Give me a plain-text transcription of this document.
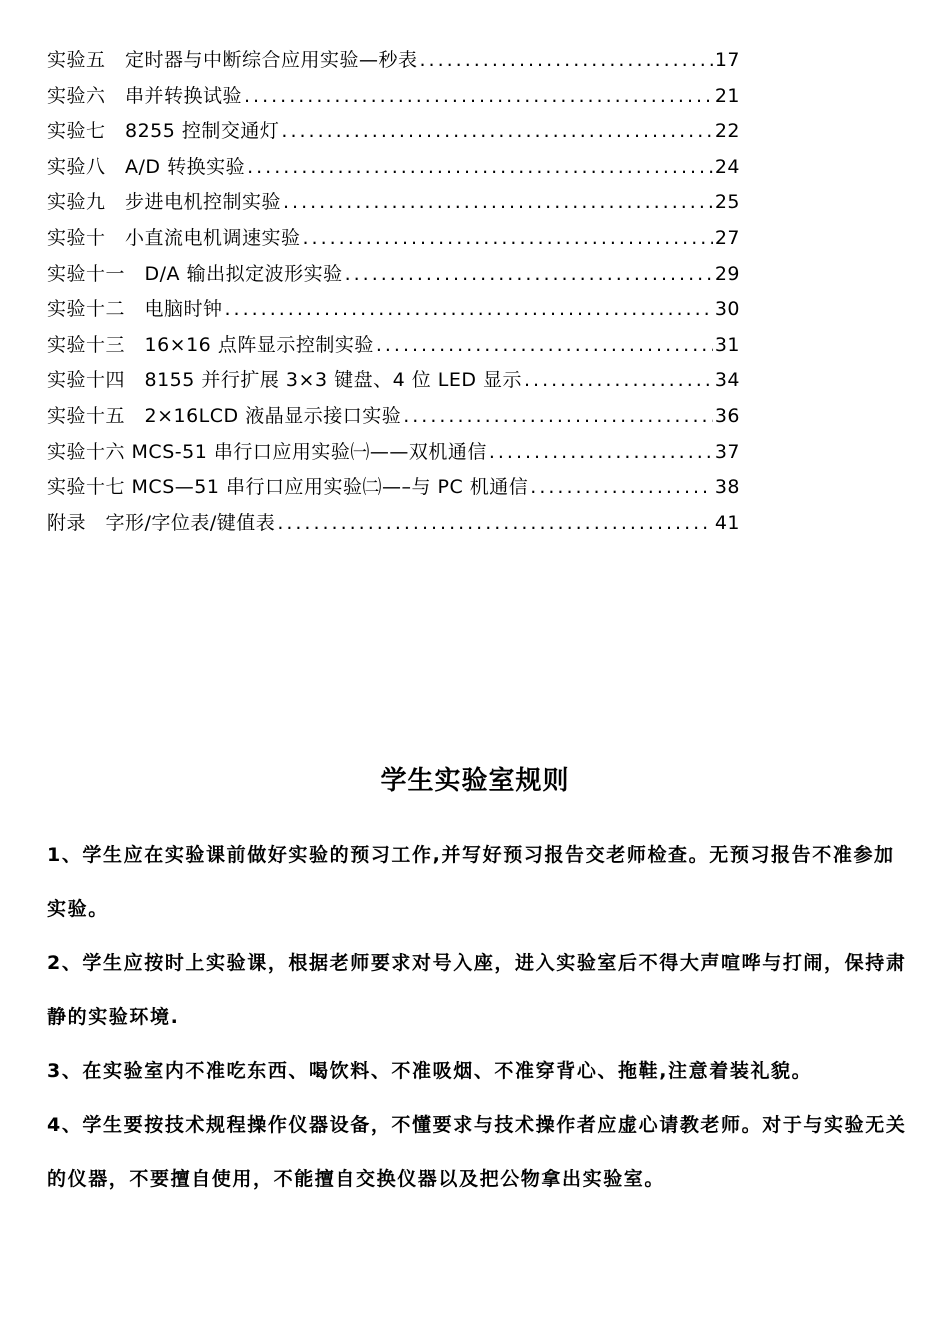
实验五　定时器与中断综合应用实验—秒表 .....	17
实验六　串并转换试验 .....	21
实验七　8255 控制交通灯 .....	22
实验八　A/D 转换实验 .....	24
实验九　步进电机控制实验 .....	25
实验十　小直流电机调速实验 .....	27
实验十一　D/A 输出拟定波形实验 .....	29
实验十二　电脑时钟 .....	30
实验十三　16×16 点阵显示控制实验 .....	31
实验十四　8155 并行扩展 3×3 键盘、4 位 LED 显示 .....	34
实验十五　2×16LCD 液晶显示接口实验 .....	36
实验十六 MCS-51 串行口应用实验㈠——双机通信 .....	37
实验十七 MCS—51 串行口应用实验㈡—–与 PC 机通信 .....	38
附录　字形/字位表/键值表 .....	41
学生实验室规则

1、学生应在实验课前做好实验的预习工作,并写好预习报告交老师检查。无预习报告不准参加实验。

2、学生应按时上实验课，根据老师要求对号入座，进入实验室后不得大声喧哗与打闹，保持肃静的实验环境.

3、在实验室内不准吃东西、喝饮料、不准吸烟、不准穿背心、拖鞋,注意着装礼貌。

4、学生要按技术规程操作仪器设备，不懂要求与技术操作者应虚心请教老师。对于与实验无关的仪器，不要擅自使用，不能擅自交换仪器以及把公物拿出实验室。
